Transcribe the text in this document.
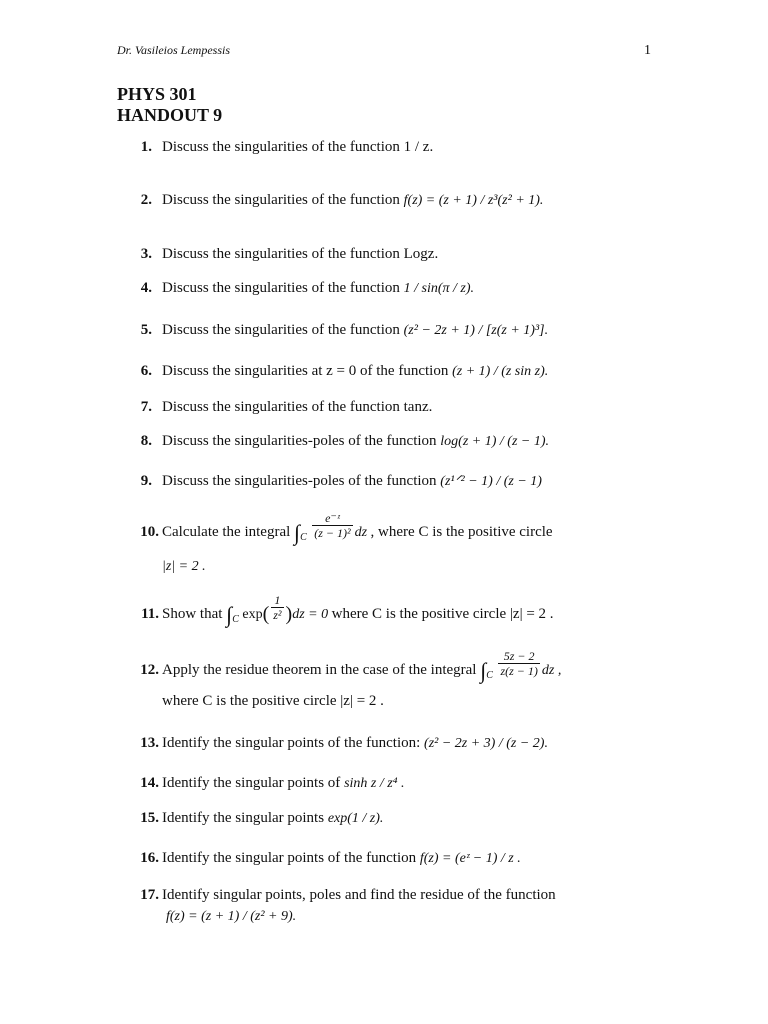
Dr. Vasileios Lempessis	1
PHYS 301
HANDOUT 9
1. Discuss the singularities of the function 1 / z.
2. Discuss the singularities of the function f(z) = (z + 1) / z³(z² + 1).
3. Discuss the singularities of the function Logz.
4. Discuss the singularities of the function 1 / sin(π / z).
5. Discuss the singularities of the function (z² − 2z + 1) / [z(z + 1)³].
6. Discuss the singularities at z = 0 of the function (z + 1) / (z sin z).
7. Discuss the singularities of the function tanz.
8. Discuss the singularities-poles of the function log(z + 1) / (z − 1).
9. Discuss the singularities-poles of the function (z¹ᐟ² − 1) / (z − 1)
10. Calculate the integral $\int_C \frac{\text{e⁻ᶻ}}{\text{(z − 1)²}}$ dz , where C is the positive circle
|z| = 2 .
11. Show that $\int_C$ $\exp( \frac{1}{\text{z²}} )dz = 0$ where C is the positive circle |z| = 2 .
12. Apply the residue theorem in the case of the integral $\int_C \frac{5z - 2}{z(z - 1)}$ dz ,
where C is the positive circle |z| = 2 .
13. Identify the singular points of the function: (z² − 2z + 3) / (z − 2).
14. Identify the singular points of sinh z / z⁴ .
15. Identify the singular points exp(1 / z).
16. Identify the singular points of the function f(z) = (eᶻ − 1) / z .
17. Identify singular points, poles and find the residue of the function
f(z) = (z + 1) / (z² + 9).
